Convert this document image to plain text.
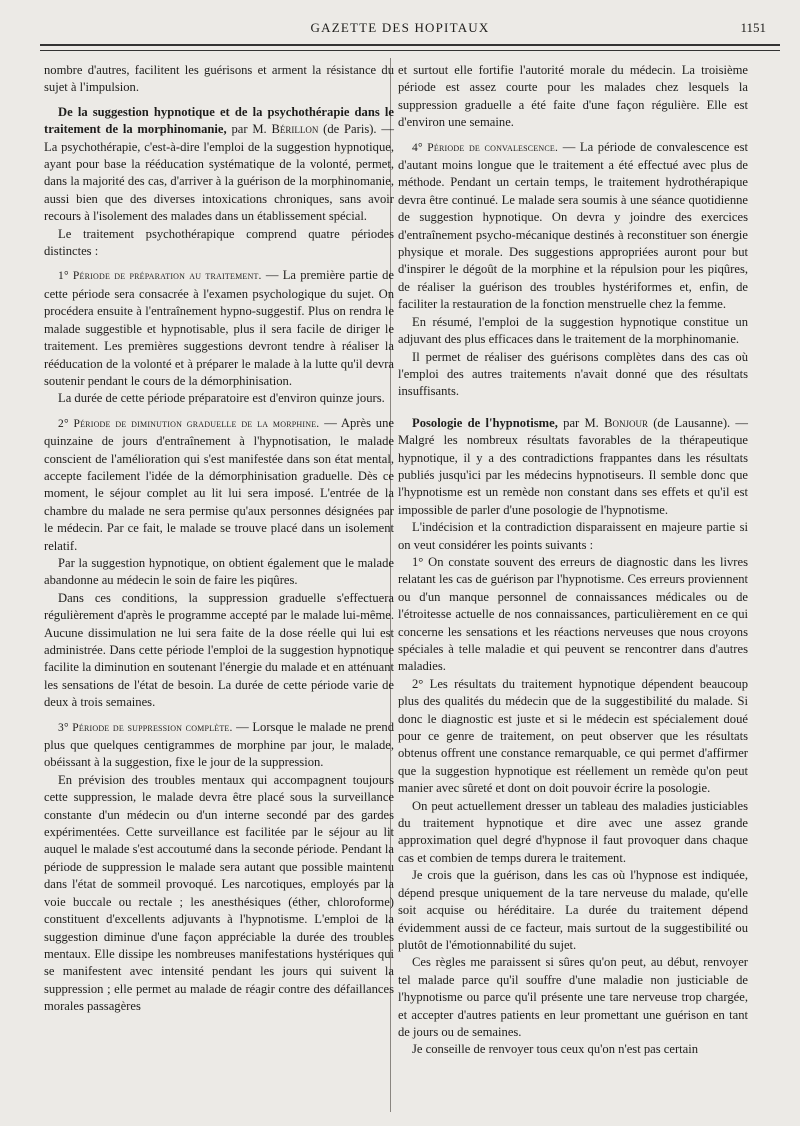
GAZETTE DES HOPITAUX	1151

nombre d'autres, facilitent les guérisons et arment la résistance du sujet à l'impulsion.

De la suggestion hypnotique et de la psychothérapie dans le traitement de la morphinomanie, par M. Bérillon (de Paris). — La psychothérapie, c'est-à-dire l'emploi de la suggestion hypnotique, ayant pour base la rééducation systématique de la volonté, permet, dans la majorité des cas, d'arriver à la guérison de la morphinomanie, aussi bien que des diverses intoxications chroniques, sans avoir recours à l'isolement des malades dans un établissement spécial.

Le traitement psychothérapique comprend quatre périodes distinctes :

1° Période de préparation au traitement. — La première partie de cette période sera consacrée à l'examen psychologique du sujet. On procédera ensuite à l'entraînement hypno-suggestif. Plus on rendra le malade suggestible et hypnotisable, plus il sera facile de diriger le traitement. Les premières suggestions devront tendre à réaliser la rééducation de la volonté et à préparer le malade à la lutte qu'il devra soutenir pendant le cours de la démorphinisation.

La durée de cette période préparatoire est d'environ quinze jours.

2° Période de diminution graduelle de la morphine. — Après une quinzaine de jours d'entraînement à l'hypnotisation, le malade conscient de l'amélioration qui s'est manifestée dans son état mental, accepte facilement l'idée de la démorphinisation graduelle. Dès ce moment, le séjour complet au lit lui sera imposé. L'entrée de la chambre du malade ne sera permise qu'aux personnes désignées par le médecin. Par ce fait, le malade se trouve placé dans un isolement relatif.

Par la suggestion hypnotique, on obtient également que le malade abandonne au médecin le soin de faire les piqûres.

Dans ces conditions, la suppression graduelle s'effectuera régulièrement d'après le programme accepté par le malade lui-même. Aucune dissimulation ne lui sera faite de la dose réelle qui lui est administrée. Dans cette période l'emploi de la suggestion hypnotique facilite la diminution en soutenant l'énergie du malade et en atténuant les sensations de l'état de besoin. La durée de cette période varie de deux à trois semaines.

3° Période de suppression complète. — Lorsque le malade ne prend plus que quelques centigrammes de morphine par jour, le malade, obéissant à la suggestion, fixe le jour de la suppression.

En prévision des troubles mentaux qui accompagnent toujours cette suppression, le malade devra être placé sous la surveillance constante d'un médecin ou d'un interne secondé par des gardes expérimentées. Cette surveillance est facilitée par le séjour au lit auquel le malade s'est accoutumé dans la seconde période. Pendant la période de suppression le malade sera autant que possible maintenu dans l'état de sommeil provoqué. Les narcotiques, employés par la voie buccale ou rectale ; les anesthésiques (éther, chloroforme) constituent d'excellents adjuvants à l'hypnotisme. L'emploi de la suggestion diminue d'une façon appréciable la durée des troubles mentaux. Elle dissipe les nombreuses manifestations hystériques qui se manifestent avec intensité pendant les jours qui suivent la suppression ; elle permet au malade de réagir contre des défaillances morales passagères

et surtout elle fortifie l'autorité morale du médecin. La troisième période est assez courte pour les malades chez lesquels la suppression graduelle a été faite d'une façon régulière. Elle est d'environ une semaine.

4° Période de convalescence. — La période de convalescence est d'autant moins longue que le traitement a été effectué avec plus de méthode. Pendant un certain temps, le traitement hydrothérapique devra être continué. Le malade sera soumis à une séance quotidienne de suggestion hypnotique. On devra y joindre des exercices d'entraînement psycho-mécanique destinés à reconstituer son énergie physique et morale. Des suggestions appropriées auront pour but d'inspirer le dégoût de la morphine et la répulsion pour les piqûres, de réaliser la guérison des troubles hystériformes et, enfin, de faciliter la restauration de la fonction menstruelle chez la femme.

En résumé, l'emploi de la suggestion hypnotique constitue un adjuvant des plus efficaces dans le traitement de la morphinomanie.

Il permet de réaliser des guérisons complètes dans des cas où l'emploi des autres traitements n'avait donné que des résultats insuffisants.

Posologie de l'hypnotisme, par M. Bonjour (de Lausanne). — Malgré les nombreux résultats favorables de la thérapeutique hypnotique, il y a des contradictions frappantes dans les résultats publiés jusqu'ici par les médecins hypnotiseurs. Il semble donc que l'hypnotisme est un remède non constant dans ses effets et qu'il est impossible de parler d'une posologie de l'hypnotisme.

L'indécision et la contradiction disparaissent en majeure partie si on veut considérer les points suivants :

1° On constate souvent des erreurs de diagnostic dans les livres relatant les cas de guérison par l'hypnotisme. Ces erreurs proviennent ou d'un manque personnel de connaissances médicales ou de l'étroitesse actuelle de nos connaissances, particulièrement en ce qui concerne les sensations et les réactions nerveuses que nous croyons spéciales à telle maladie et qui peuvent se rencontrer dans d'autres maladies.

2° Les résultats du traitement hypnotique dépendent beaucoup plus des qualités du médecin que de la suggestibilité du malade. Si donc le diagnostic est juste et si le médecin est spécialement doué pour ce genre de traitement, on peut observer que les résultats obtenus offrent une constance remarquable, ce qui permet d'affirmer que la suggestion hypnotique est réellement un remède qu'on peut manier avec sûreté et dont on doit pouvoir écrire la posologie.

On peut actuellement dresser un tableau des maladies justiciables du traitement hypnotique et dire avec une assez grande approximation quel degré d'hypnose il faut provoquer dans chaque cas et combien de temps durera le traitement.

Je crois que la guérison, dans les cas où l'hypnose est indiquée, dépend presque uniquement de la tare nerveuse du malade, qu'elle soit acquise ou héréditaire. La durée du traitement dépend évidemment aussi de ce facteur, mais surtout de la suggestibilité ou plutôt de l'émotionnabilité du sujet.

Ces règles me paraissent si sûres qu'on peut, au début, renvoyer tel malade parce qu'il souffre d'une maladie non justiciable de l'hypnotisme ou parce qu'il présente une tare nerveuse trop chargée, et accepter d'autres patients en leur promettant une guérison en tant de jours ou de semaines.

Je conseille de renvoyer tous ceux qu'on n'est pas certain
